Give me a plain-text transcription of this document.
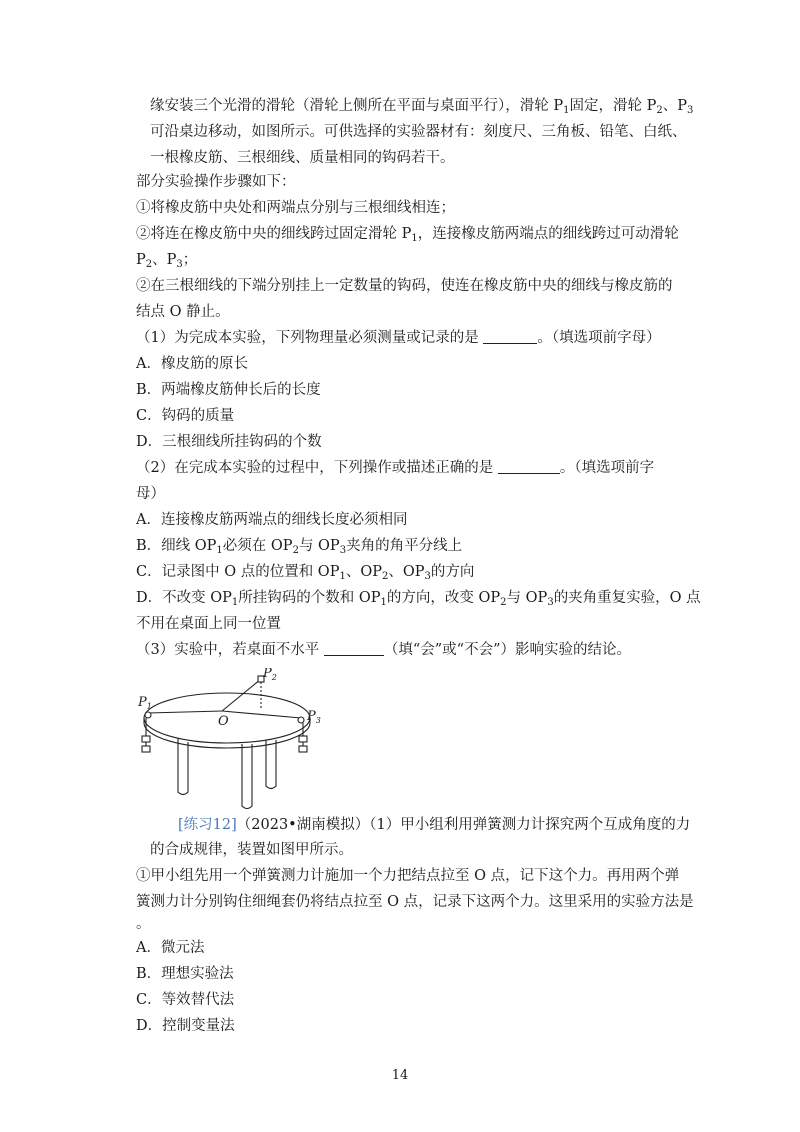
缘安装三个光滑的滑轮（滑轮上侧所在平面与桌面平行），滑轮 $P_1$固定，滑轮 $P_2$、$P_3$
可沿桌边移动，如图所示。可供选择的实验器材有：刻度尺、三角板、铅笔、白纸、
一根橡皮筋、三根细线、质量相同的钩码若干。
部分实验操作步骤如下：
①将橡皮筋中央处和两端点分别与三根细线相连；
②将连在橡皮筋中央的细线跨过固定滑轮 $P_1$，连接橡皮筋两端点的细线跨过可动滑轮
$P_2$、$P_3$；
②在三根细线的下端分别挂上一定数量的钩码，使连在橡皮筋中央的细线与橡皮筋的
结点 O 静止。
（1）为完成本实验，下列物理量必须测量或记录的是	。（填选项前字母）
A．橡皮筋的原长
B．两端橡皮筋伸长后的长度
C．钩码的质量
D．三根细线所挂钩码的个数
（2）在完成本实验的过程中，下列操作或描述正确的是	。（填选项前字
母）
A．连接橡皮筋两端点的细线长度必须相同
B．细线 $OP_1$必须在 $OP_2$与 $OP_3$夹角的角平分线上
C．记录图中 O 点的位置和 $OP_1$、$OP_2$、$OP_3$的方向
D．不改变 $OP_1$所挂钩码的个数和 $OP_1$的方向，改变 $OP_2$与 $OP_3$的夹角重复实验，O 点
不用在桌面上同一位置
（3）实验中，若桌面不水平	（填“会”或“不会”）影响实验的结论。
$P_1$
$P_2$
$P_3$
O
[练习12]（2023•湖南模拟）（1）甲小组利用弹簧测力计探究两个互成角度的力
的合成规律，装置如图甲所示。
①甲小组先用一个弹簧测力计施加一个力把结点拉至 O 点，记下这个力。再用两个弹
簧测力计分别钩住细绳套仍将结点拉至 O 点，记录下这两个力。这里采用的实验方法是
。
A．微元法
B．理想实验法
C．等效替代法
D．控制变量法
14
